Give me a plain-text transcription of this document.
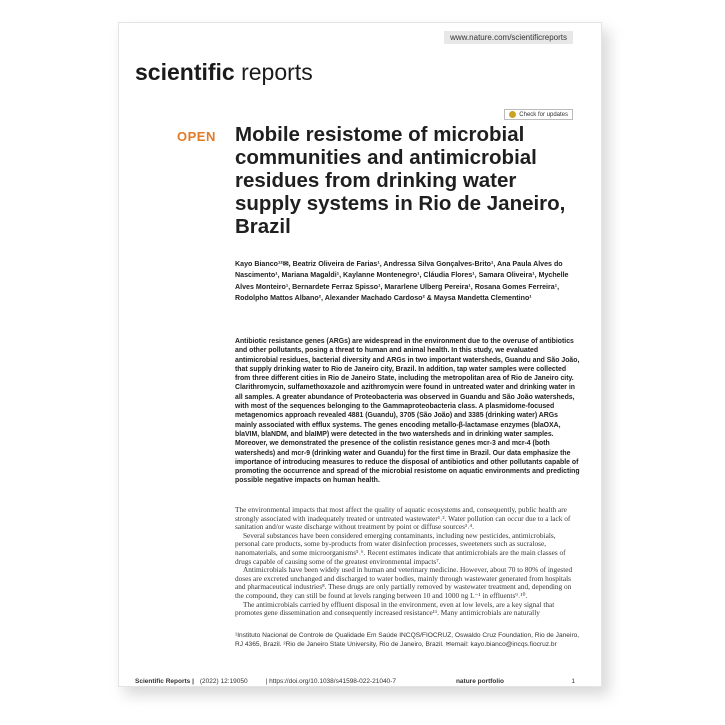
www.nature.com/scientificreports
scientific reports
Check for updates
OPEN Mobile resistome of microbial communities and antimicrobial residues from drinking water supply systems in Rio de Janeiro, Brazil
Kayo Bianco¹²✉, Beatriz Oliveira de Farias¹, Andressa Silva Gonçalves-Brito¹, Ana Paula Alves do Nascimento¹, Mariana Magaldi¹, Kaylanne Montenegro¹, Cláudia Flores¹, Samara Oliveira¹, Mychelle Alves Monteiro¹, Bernardete Ferraz Spisso¹, Mararlene Ulberg Pereira¹, Rosana Gomes Ferreira¹, Rodolpho Mattos Albano², Alexander Machado Cardoso² & Maysa Mandetta Clementino¹
Antibiotic resistance genes (ARGs) are widespread in the environment due to the overuse of antibiotics and other pollutants, posing a threat to human and animal health. In this study, we evaluated antimicrobial residues, bacterial diversity and ARGs in two important watersheds, Guandu and São João, that supply drinking water to Rio de Janeiro city, Brazil. In addition, tap water samples were collected from three different cities in Rio de Janeiro State, including the metropolitan area of Rio de Janeiro city. Clarithromycin, sulfamethoxazole and azithromycin were found in untreated water and drinking water in all samples. A greater abundance of Proteobacteria was observed in Guandu and São João watersheds, with most of the sequences belonging to the Gammaproteobacteria class. A plasmidome-focused metagenomics approach revealed 4881 (Guandu), 3705 (São João) and 3385 (drinking water) ARGs mainly associated with efflux systems. The genes encoding metallo-β-lactamase enzymes (blaOXA, blaVIM, blaNDM, and blaIMP) were detected in the two watersheds and in drinking water samples. Moreover, we demonstrated the presence of the colistin resistance genes mcr-3 and mcr-4 (both watersheds) and mcr-9 (drinking water and Guandu) for the first time in Brazil. Our data emphasize the importance of introducing measures to reduce the disposal of antibiotics and other pollutants capable of promoting the occurrence and spread of the microbial resistome on aquatic environments and predicting possible negative impacts on human health.

The environmental impacts that most affect the quality of aquatic ecosystems and, consequently, public health are strongly associated with inadequately treated or untreated wastewater¹˒². Water pollution can occur due to a lack of sanitation and/or waste discharge without treatment by point or diffuse sources³˒⁴.

Several substances have been considered emerging contaminants, including new pesticides, antimicrobials, personal care products, some by-products from water disinfection processes, sweeteners such as sucralose, nanomaterials, and some microorganisms⁵˒⁶. Recent estimates indicate that antimicrobials are the main classes of drugs capable of causing some of the greatest environmental impacts⁷.

Antimicrobials have been widely used in human and veterinary medicine. However, about 70 to 80% of ingested doses are excreted unchanged and discharged to water bodies, mainly through wastewater generated from hospitals and pharmaceutical industries⁸. These drugs are only partially removed by wastewater treatment and, depending on the compound, they can still be found at levels ranging between 10 and 1000 ng L⁻¹ in effluents⁹˒¹⁰.

The antimicrobials carried by effluent disposal in the environment, even at low levels, are a key signal that promotes gene dissemination and consequently increased resistance¹¹. Many antimicrobials are naturally

¹Instituto Nacional de Controle de Qualidade Em Saúde INCQS/FIOCRUZ, Oswaldo Cruz Foundation, Rio de Janeiro, RJ 4365, Brazil. ²Rio de Janeiro State University, Rio de Janeiro, Brazil. ✉email: kayo.bianco@incqs.fiocruz.br
Scientific Reports | (2022) 12:19050	| https://doi.org/10.1038/s41598-022-21040-7	nature portfolio	1
